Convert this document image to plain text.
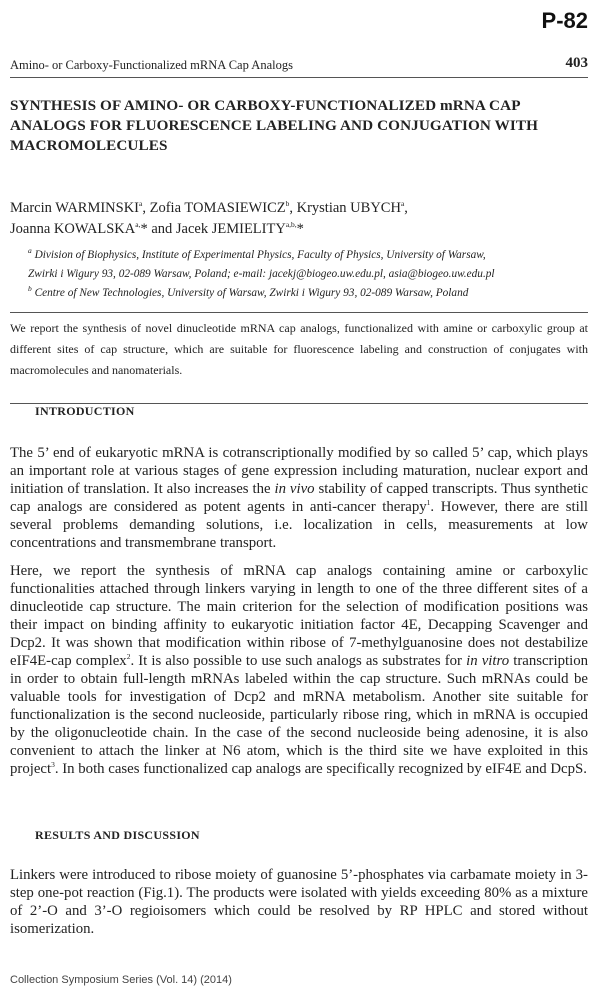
P-82
Amino- or Carboxy-Functionalized mRNA Cap Analogs	403
SYNTHESIS OF AMINO- OR CARBOXY-FUNCTIONALIZED mRNA CAP
ANALOGS FOR FLUORESCENCE LABELING AND CONJUGATION WITH
MACROMOLECULES
Marcin WARMINSKI$^a$, Zofia TOMASIEWICZ$^b$, Krystian UBYCH$^a$,
Joanna $KOWALSKA^{a,}*$ and Jacek $JEMIELITY^{a,b,}*$
$^a$ Division of Biophysics, Institute of Experimental Physics, Faculty of Physics, University of Warsaw,
Zwirki i Wigury 93, 02-089 Warsaw, Poland; e-mail: jacekj@biogeo.uw.edu.pl, asia@biogeo.uw.edu.pl
$^b$ Centre of New Technologies, University of Warsaw, Zwirki i Wigury 93, 02-089 Warsaw, Poland
We report the synthesis of novel dinucleotide mRNA cap analogs, functionalized with amine or carboxylic group at different sites of cap structure, which are suitable for fluorescence labeling and construction of conjugates with macromolecules and nanomaterials.
INTRODUCTION

The 5’ end of eukaryotic mRNA is cotranscriptionally modified by so called 5’ cap, which plays an important role at various stages of gene expression including maturation, nuclear export and initiation of translation. It also increases the in vivo stability of capped transcripts. Thus synthetic cap analogs are considered as potent agents in anti-cancer therapy$^1$. However, there are still several problems demanding solutions, i.e. localization in cells, measurements at low concentrations and transmembrane transport.

Here, we report the synthesis of mRNA cap analogs containing amine or carboxylic functionalities attached through linkers varying in length to one of the three different sites of a dinucleotide cap structure. The main criterion for the selection of modification positions was their impact on binding affinity to eukaryotic initiation factor 4E, Decapping Scavenger and Dcp2. It was shown that modification within ribose of 7-methylguanosine does not destabilize eIF4E-cap complex$^2$. It is also possible to use such analogs as substrates for in vitro transcription in order to obtain full-length mRNAs labeled within the cap structure. Such mRNAs could be valuable tools for investigation of Dcp2 and mRNA metabolism. Another site suitable for functionalization is the second nucleoside, particularly ribose ring, which in mRNA is occupied by the oligonucleotide chain. In the case of the second nucleoside being adenosine, it is also convenient to attach the linker at N6 atom, which is the third site we have exploited in this project$^3$. In both cases functionalized cap analogs are specifically recognized by eIF4E and DcpS.

RESULTS AND DISCUSSION

Linkers were introduced to ribose moiety of guanosine 5’-phosphates via carbamate moiety in 3-step one-pot reaction (Fig.1). The products were isolated with yields exceeding 80% as a mixture of 2’-O and 3’-O regioisomers which could be resolved by RP HPLC and stored without isomerization.

Collection Symposium Series (Vol. 14) (2014)
